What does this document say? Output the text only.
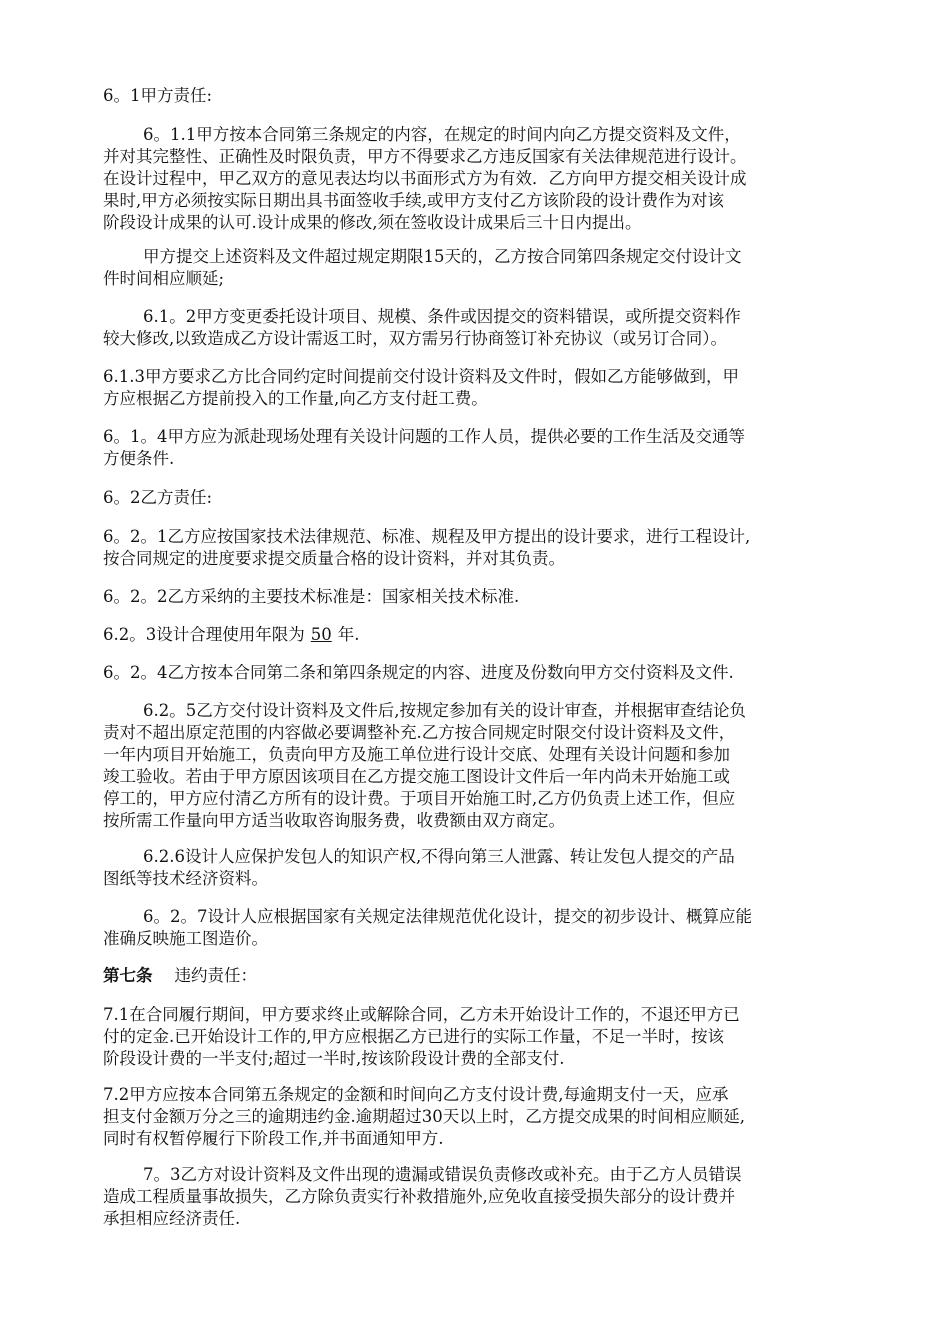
6。1甲方责任:

6。1.1甲方按本合同第三条规定的内容，在规定的时间内向乙方提交资料及文件，
并对其完整性、正确性及时限负责，甲方不得要求乙方违反国家有关法律规范进行设计。
在设计过程中，甲乙双方的意见表达均以书面形式方为有效．乙方向甲方提交相关设计成
果时,甲方必须按实际日期出具书面签收手续,或甲方支付乙方该阶段的设计费作为对该
阶段设计成果的认可.设计成果的修改,须在签收设计成果后三十日内提出。
甲方提交上述资料及文件超过规定期限15天的，乙方按合同第四条规定交付设计文
件时间相应顺延;
6.1。2甲方变更委托设计项目、规模、条件或因提交的资料错误，或所提交资料作
较大修改,以致造成乙方设计需返工时，双方需另行协商签订补充协议（或另订合同）。
6.1.3甲方要求乙方比合同约定时间提前交付设计资料及文件时，假如乙方能够做到，甲
方应根据乙方提前投入的工作量,向乙方支付赶工费。
6。1。4甲方应为派赴现场处理有关设计问题的工作人员，提供必要的工作生活及交通等
方便条件.

6。2乙方责任:

6。2。1乙方应按国家技术法律规范、标准、规程及甲方提出的设计要求，进行工程设计,
按合同规定的进度要求提交质量合格的设计资料，并对其负责。

6。2。2乙方采纳的主要技术标准是：国家相关技术标准.

6.2。3设计合理使用年限为 50 年.

6。2。4乙方按本合同第二条和第四条规定的内容、进度及份数向甲方交付资料及文件.

6.2。5乙方交付设计资料及文件后,按规定参加有关的设计审查，并根据审查结论负
责对不超出原定范围的内容做必要调整补充.乙方按合同规定时限交付设计资料及文件，
一年内项目开始施工，负责向甲方及施工单位进行设计交底、处理有关设计问题和参加
竣工验收。若由于甲方原因该项目在乙方提交施工图设计文件后一年内尚未开始施工或
停工的，甲方应付清乙方所有的设计费。于项目开始施工时,乙方仍负责上述工作，但应
按所需工作量向甲方适当收取咨询服务费，收费额由双方商定。
6.2.6设计人应保护发包人的知识产权,不得向第三人泄露、转让发包人提交的产品
图纸等技术经济资料。
6。2。7设计人应根据国家有关规定法律规范优化设计，提交的初步设计、概算应能
准确反映施工图造价。

第七条 违约责任：

7.1在合同履行期间，甲方要求终止或解除合同，乙方未开始设计工作的，不退还甲方已
付的定金.已开始设计工作的,甲方应根据乙方已进行的实际工作量，不足一半时，按该
阶段设计费的一半支付;超过一半时,按该阶段设计费的全部支付.
7.2甲方应按本合同第五条规定的金额和时间向乙方支付设计费,每逾期支付一天，应承
担支付金额万分之三的逾期违约金.逾期超过30天以上时，乙方提交成果的时间相应顺延,
同时有权暂停履行下阶段工作,并书面通知甲方.
7。3乙方对设计资料及文件出现的遗漏或错误负责修改或补充。由于乙方人员错误
造成工程质量事故损失，乙方除负责实行补救措施外,应免收直接受损失部分的设计费并
承担相应经济责任.
